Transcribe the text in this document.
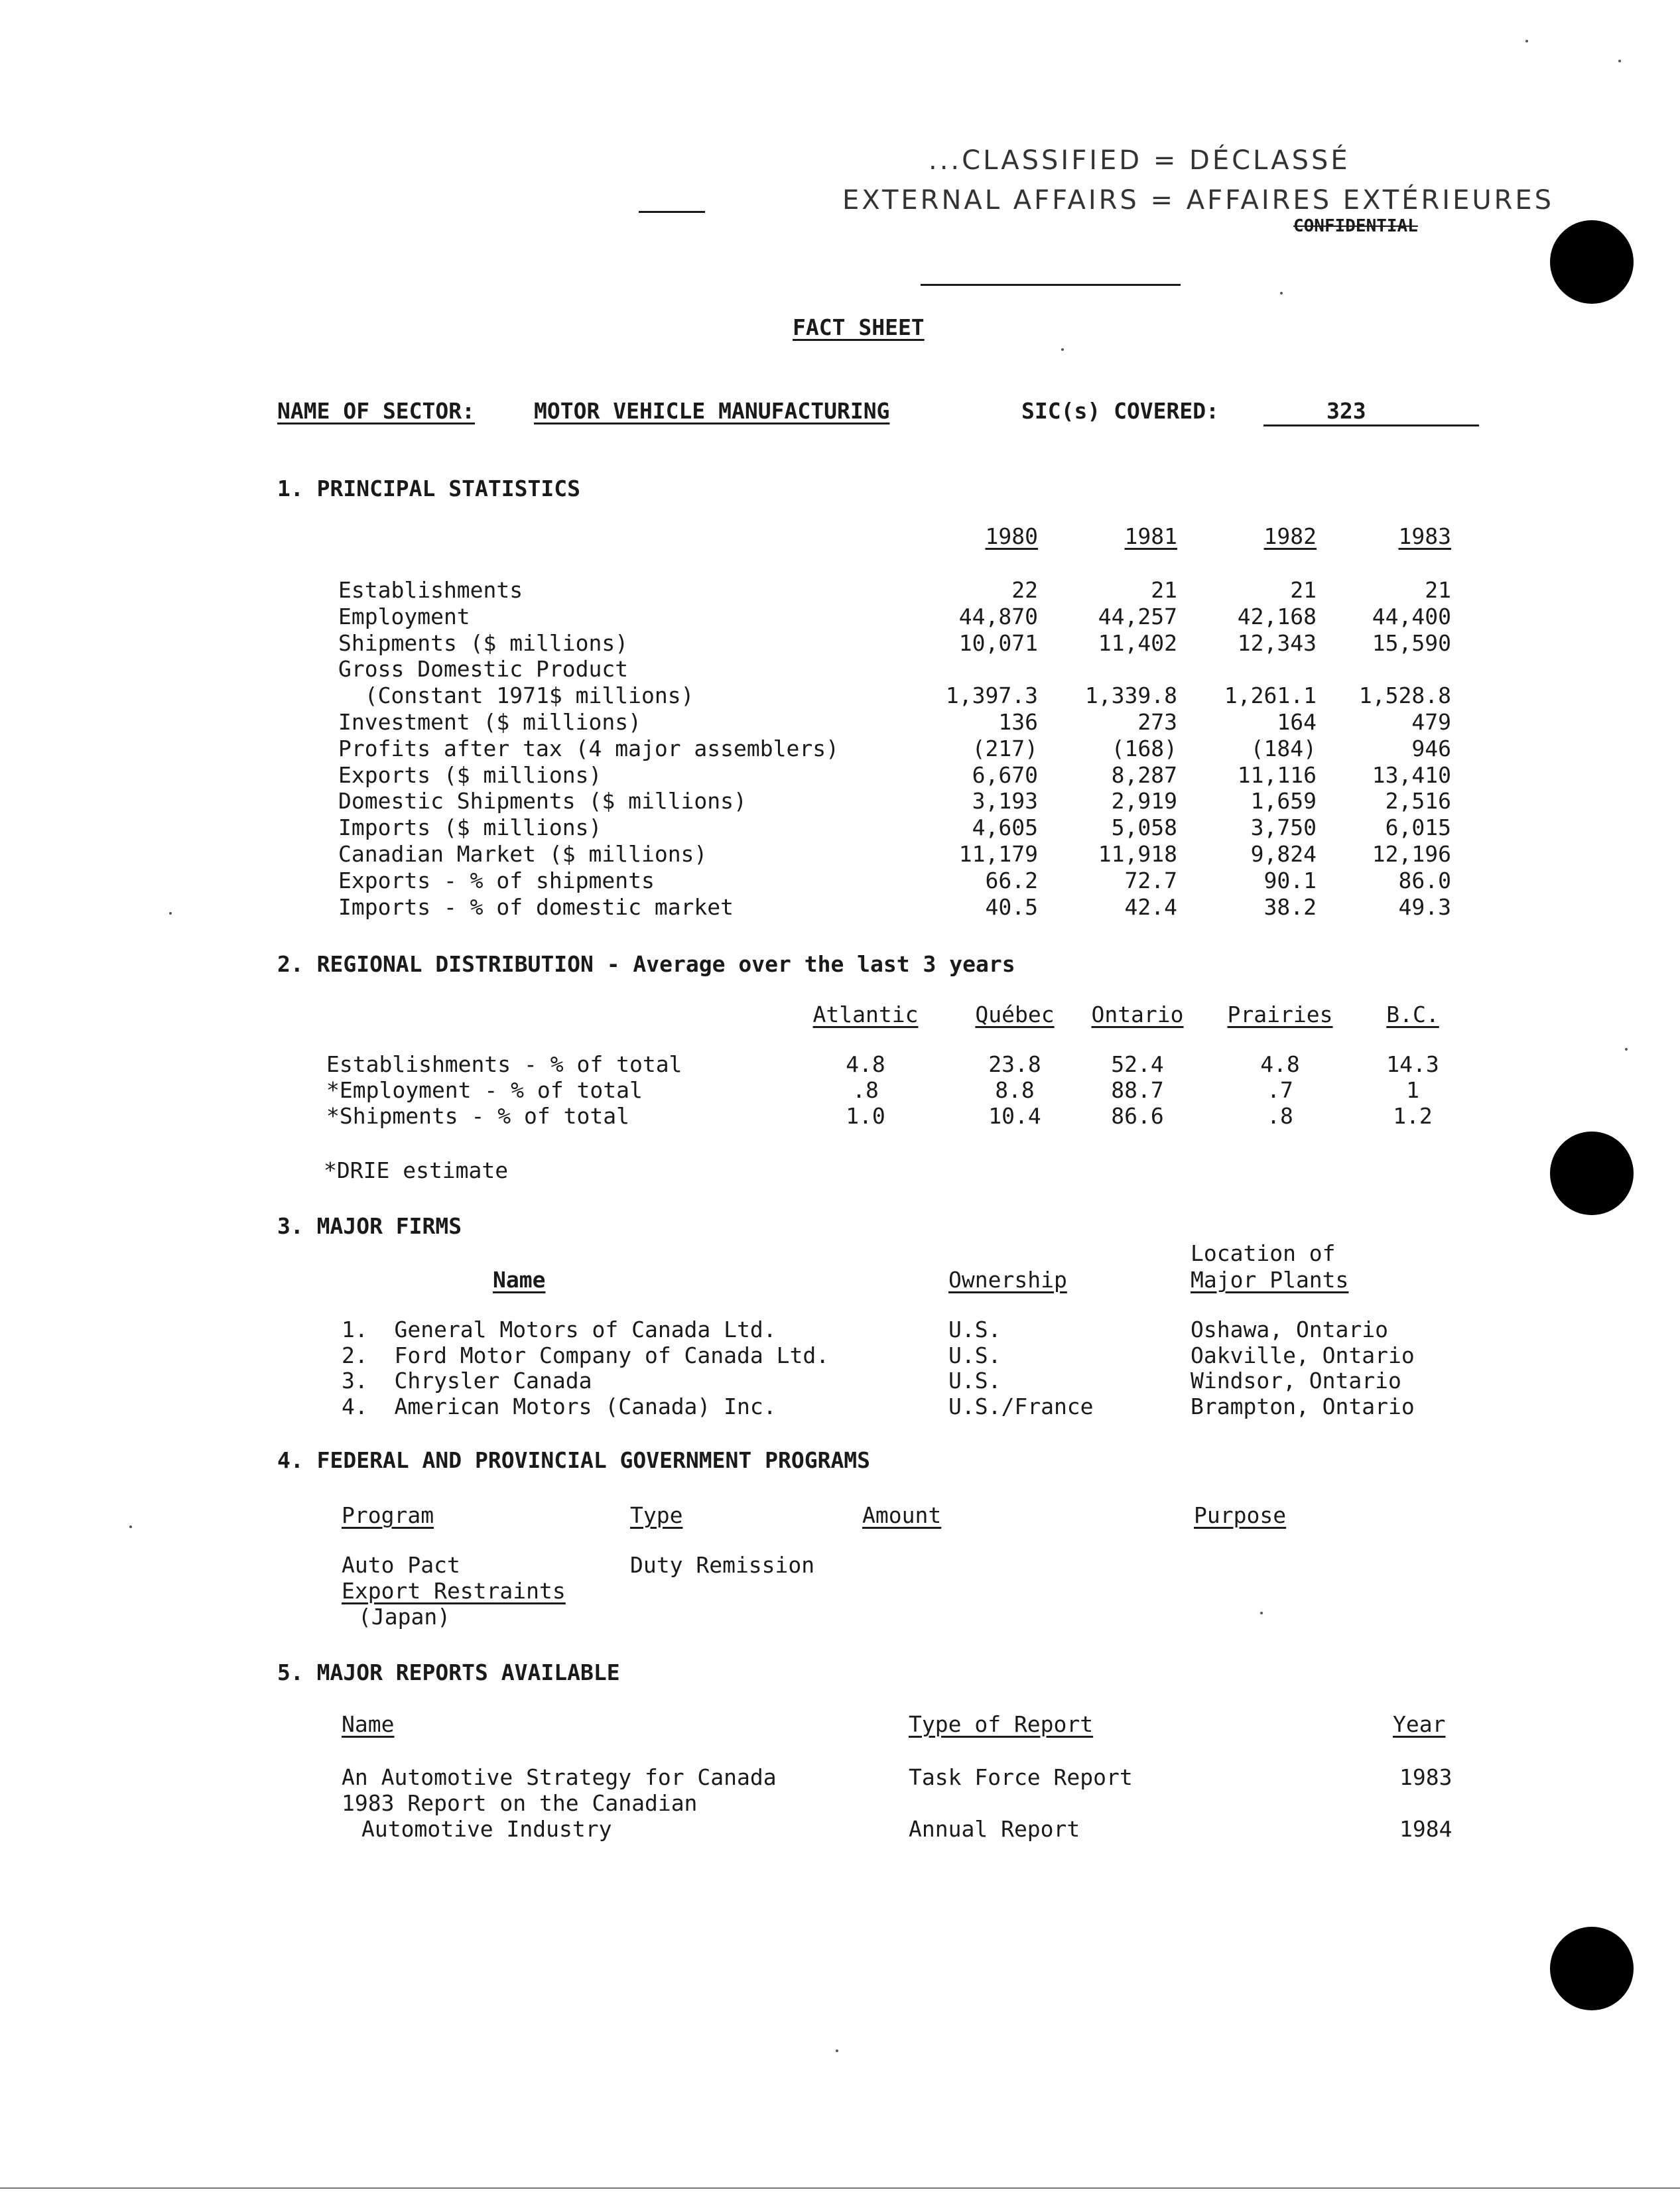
...CLASSIFIED = DÉCLASSÉ
EXTERNAL AFFAIRS = AFFAIRES EXTÉRIEURES
CONFIDENTIAL
FACT SHEET
NAME OF SECTOR:	MOTOR VEHICLE MANUFACTURING	SIC(s) COVERED:	323
1. PRINCIPAL STATISTICS
1980	1981	1982	1983
Establishments	22	21	21	21
Employment	44,870	44,257	42,168	44,400
Shipments ($ millions)	10,071	11,402	12,343	15,590
Gross Domestic Product
(Constant 1971$ millions)	1,397.3	1,339.8	1,261.1	1,528.8
Investment ($ millions)	136	273	164	479
Profits after tax (4 major assemblers)	(217)	(168)	(184)	946
Exports ($ millions)	6,670	8,287	11,116	13,410
Domestic Shipments ($ millions)	3,193	2,919	1,659	2,516
Imports ($ millions)	4,605	5,058	3,750	6,015
Canadian Market ($ millions)	11,179	11,918	9,824	12,196
Exports - % of shipments	66.2	72.7	90.1	86.0
Imports - % of domestic market	40.5	42.4	38.2	49.3
2. REGIONAL DISTRIBUTION - Average over the last 3 years
Atlantic	Québec	Ontario	Prairies	B.C.
Establishments - % of total	4.8	23.8	52.4	4.8	14.3
*Employment - % of total	.8	8.8	88.7	.7	1
*Shipments - % of total	1.0	10.4	86.6	.8	1.2
*DRIE estimate
3. MAJOR FIRMS
Name	Ownership
Location of
Major Plants
1.  General Motors of Canada Ltd.	U.S.	Oshawa, Ontario
2.  Ford Motor Company of Canada Ltd.	U.S.	Oakville, Ontario
3.  Chrysler Canada	U.S.	Windsor, Ontario
4.  American Motors (Canada) Inc.	U.S./France	Brampton, Ontario
4. FEDERAL AND PROVINCIAL GOVERNMENT PROGRAMS
Program	Type	Amount	Purpose
Auto Pact	Duty Remission
Export Restraints
(Japan)
5. MAJOR REPORTS AVAILABLE
Name	Type of Report	Year
An Automotive Strategy for Canada	Task Force Report	1983
1983 Report on the Canadian
Automotive Industry	Annual Report	1984
